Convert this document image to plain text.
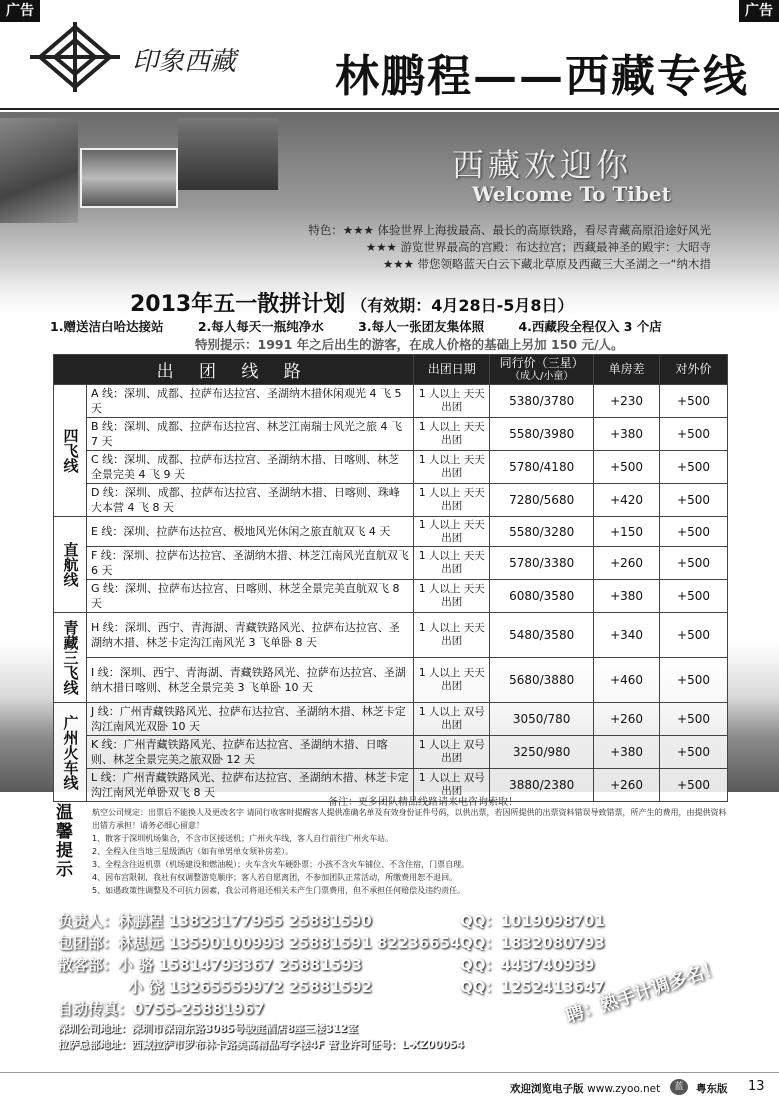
广告	广告
印象西藏 林鹏程——西藏专线
西藏欢迎你
Welcome To Tibet
特色：★★★ 体验世界上海拔最高、最长的高原铁路，看尽青藏高原沿途好风光
★★★ 游览世界最高的宫殿：布达拉宫；西藏最神圣的殿宇：大昭寺
★★★ 带您领略蓝天白云下藏北草原及西藏三大圣湖之一“纳木措
2013年五一散拼计划 （有效期：4月28日-5月8日）
1.赠送洁白哈达接站	2.每人每天一瓶纯净水	3.每人一张团友集体照	4.西藏段全程仅入 3 个店
特别提示：1991 年之后出生的游客，在成人价格的基础上另加 150 元/人。
出 团 线 路		出团日期	同行价（三星）
（成人/小童）	单房差	对外价
四飞线	A 线：深圳、成都、拉萨布达拉宫、圣湖纳木措休闲观光 4 飞 5 天	1 人以上 天天出团	5380/3780	+230	+500
	B 线：深圳、成都、拉萨布达拉宫、林芝江南瑞士风光之旅 4 飞 7 天	1 人以上 天天出团	5580/3980	+380	+500
	C 线：深圳、成都、拉萨布达拉宫、圣湖纳木措、日喀则、林芝全景完美 4 飞 9 天	1 人以上 天天出团	5780/4180	+500	+500
	D 线：深圳、成都、拉萨布达拉宫、圣湖纳木措、日喀则、珠峰大本营 4 飞 8 天	1 人以上 天天出团	7280/5680	+420	+500
直航线	E 线：深圳、拉萨布达拉宫、极地风光休闲之旅直航双飞 4 天	1 人以上 天天出团	5580/3280	+150	+500
	F 线：深圳、拉萨布达拉宫、圣湖纳木措、林芝江南风光直航双飞 6 天	1 人以上 天天出团	5780/3380	+260	+500
	G 线：深圳、拉萨布达拉宫、日喀则、林芝全景完美直航双飞 8 天	1 人以上 天天出团	6080/3580	+380	+500
青藏三飞线	H 线：深圳、西宁、青海湖、青藏铁路风光、拉萨布达拉宫、圣湖纳木措、林芝卡定沟江南风光 3 飞单卧 8 天	1 人以上 天天出团	5480/3580	+340	+500
	I 线：深圳、西宁、青海湖、青藏铁路风光、拉萨布达拉宫、圣湖纳木措日喀则、林芝全景完美 3 飞单卧 10 天	1 人以上 天天出团	5680/3880	+460	+500
广州火车线	J 线：广州青藏铁路风光、拉萨布达拉宫、圣湖纳木措、林芝卡定沟江南风光双卧 10 天	1 人以上 双号出团	3050/780	+260	+500
	K 线：广州青藏铁路风光、拉萨布达拉宫、圣湖纳木措、日喀则、林芝全景完美之旅双卧 12 天	1 人以上 双号出团	3250/980	+380	+500
	L 线：广州青藏铁路风光、拉萨布达拉宫、圣湖纳木措、林芝卡定沟江南风光单卧双飞 8 天	1 人以上 双号出团	3880/2380	+260	+500
备注：更多团队精品线路请来电咨询索取！
温馨提示
航空公司规定：出票后不能换人及更改名字 请同行收客时提醒客人提供准确名单及有效身份证件号码，以供出票，若因所提供的出票资料错误导致错票，所产生的费用，由提供资料出错方承担！请务必细心留意！
1、散客于深圳机场集合，不含市区接送机；广州火车线，客人自行前往广州火车站。
2、全程入住当地三星级酒店（如有单男单女须补房差）。
3、全程含往返机票（机场建设和燃油税）；火车含火车硬卧票；小孩不含火车铺位、不含住宿，门票自理。
4、因布宫限制，我社有权调整游览顺序；客人若自愿离团，不参加团队正常活动，所缴费用恕不退回。
5、如遇政策性调整及不可抗力因素，我公司将退还相关未产生门票费用，但不承担任何赔偿及违约责任。
负责人：林鹏程 13823177955 25881590	QQ：1019098701
包团部：林思远 13590100993 25881591 82236654 QQ：1832080793
散客部：小 骆 15814793367 25881593	QQ：443740939
小 饶 13265559972 25881592	QQ：1252413647
自动传真：0755-25881967
深圳公司地址：深圳市深南东路3085号骏庭酒店8座三楼312室
拉萨总部地址：西藏拉萨市罗布林卡路美高精品写字楼4F 营业许可证号：L-XZ00054
聘：熟手计调多名！
欢迎浏览电子版 www.zyoo.net	蓝	粤东版 13
